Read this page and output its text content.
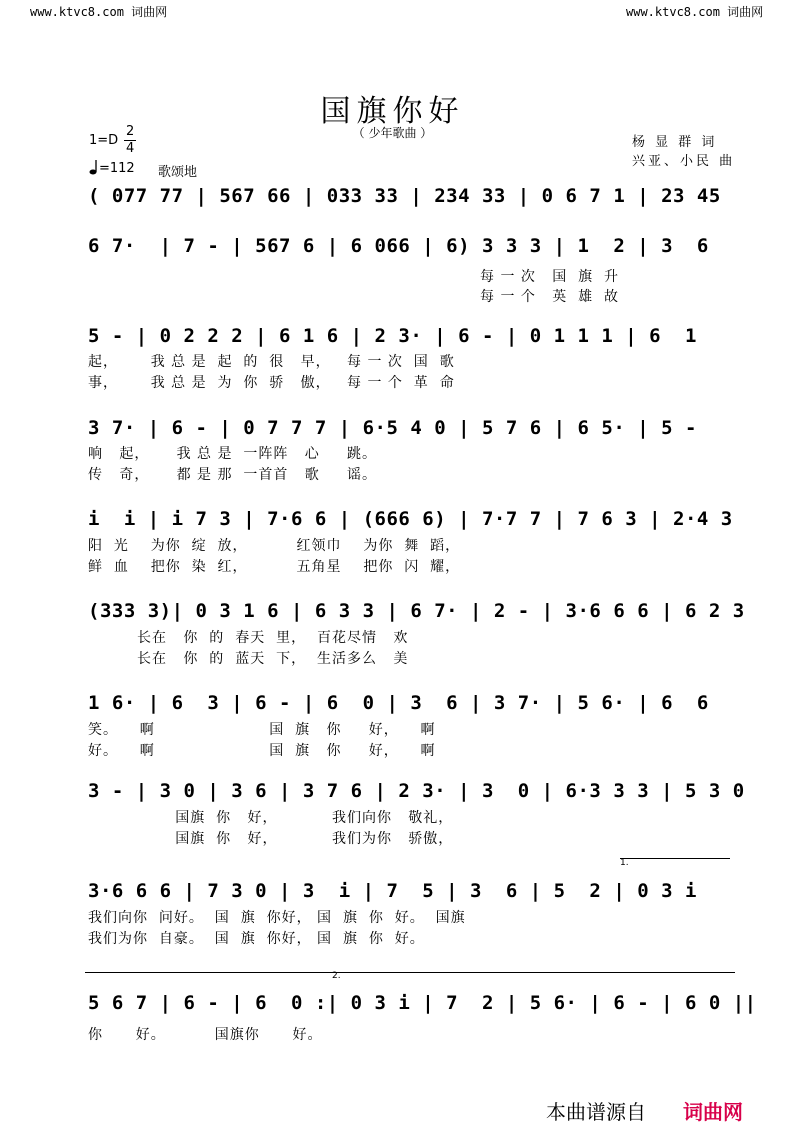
www.ktvc8.com 词曲网	www.ktvc8.com 词曲网
国旗你好
（ 少年歌曲 ）
杨 显 群 词
兴亚、小民 曲
1=D
2
4
=112 歌颂地
( 077 77 | 567 66 | 033 33 | 234 33 | 0 6 7 1 | 23 45
6 7·  | 7 - | 567 6 | 6 066 | 6) 3 3 3 | 1  2 | 3  6
每 一 次   国  旗  升
每 一 个   英  雄  故
5 - | 0 2 2 2 | 6 1 6 | 2 3· | 6 - | 0 1 1 1 | 6  1
起，      我 总 是  起  的  很   早，   每 一 次  国  歌
事，      我 总 是  为  你  骄   傲，   每 一 个  革  命
3 7· | 6 - | 0 7 7 7 | 6·5 4 0 | 5 7 6 | 6 5· | 5 -
响   起，     我 总 是  一阵阵   心     跳。
传   奇，     都 是 那  一首首   歌     谣。
i  i | i 7 3 | 7·6 6 | (666 6) | 7·7 7 | 7 6 3 | 2·4 3
阳  光    为你  绽  放，         红领巾    为你  舞  蹈，
鲜  血    把你  染  红，         五角星    把你  闪  耀，
(333 3)| 0 3 1 6 | 6 3 3 | 6 7· | 2 - | 3·6 6 6 | 6 2 3
长在   你  的  春天  里，  百花尽情   欢
长在   你  的  蓝天  下，  生活多么   美
1 6· | 6  3 | 6 - | 6  0 | 3  6 | 3 7· | 5 6· | 6  6
笑。    啊                     国  旗   你     好，    啊
好。    啊                     国  旗   你     好，    啊
3 - | 3 0 | 3 6 | 3 7 6 | 2 3· | 3  0 | 6·3 3 3 | 5 3 0
国旗  你   好，          我们向你   敬礼，
国旗  你   好，          我们为你   骄傲，
1.
3·6 6 6 | 7 3 0 | 3  i | 7  5 | 3  6 | 5  2 | 0 3 i
我们向你  问好。  国  旗  你好， 国  旗  你  好。  国旗
我们为你  自豪。  国  旗  你好， 国  旗  你  好。
2.
5 6 7 | 6 - | 6  0 :| 0 3 i | 7  2 | 5 6· | 6 - | 6 0 ||
你      好。         国旗你      好。
本曲谱源自 词曲网
